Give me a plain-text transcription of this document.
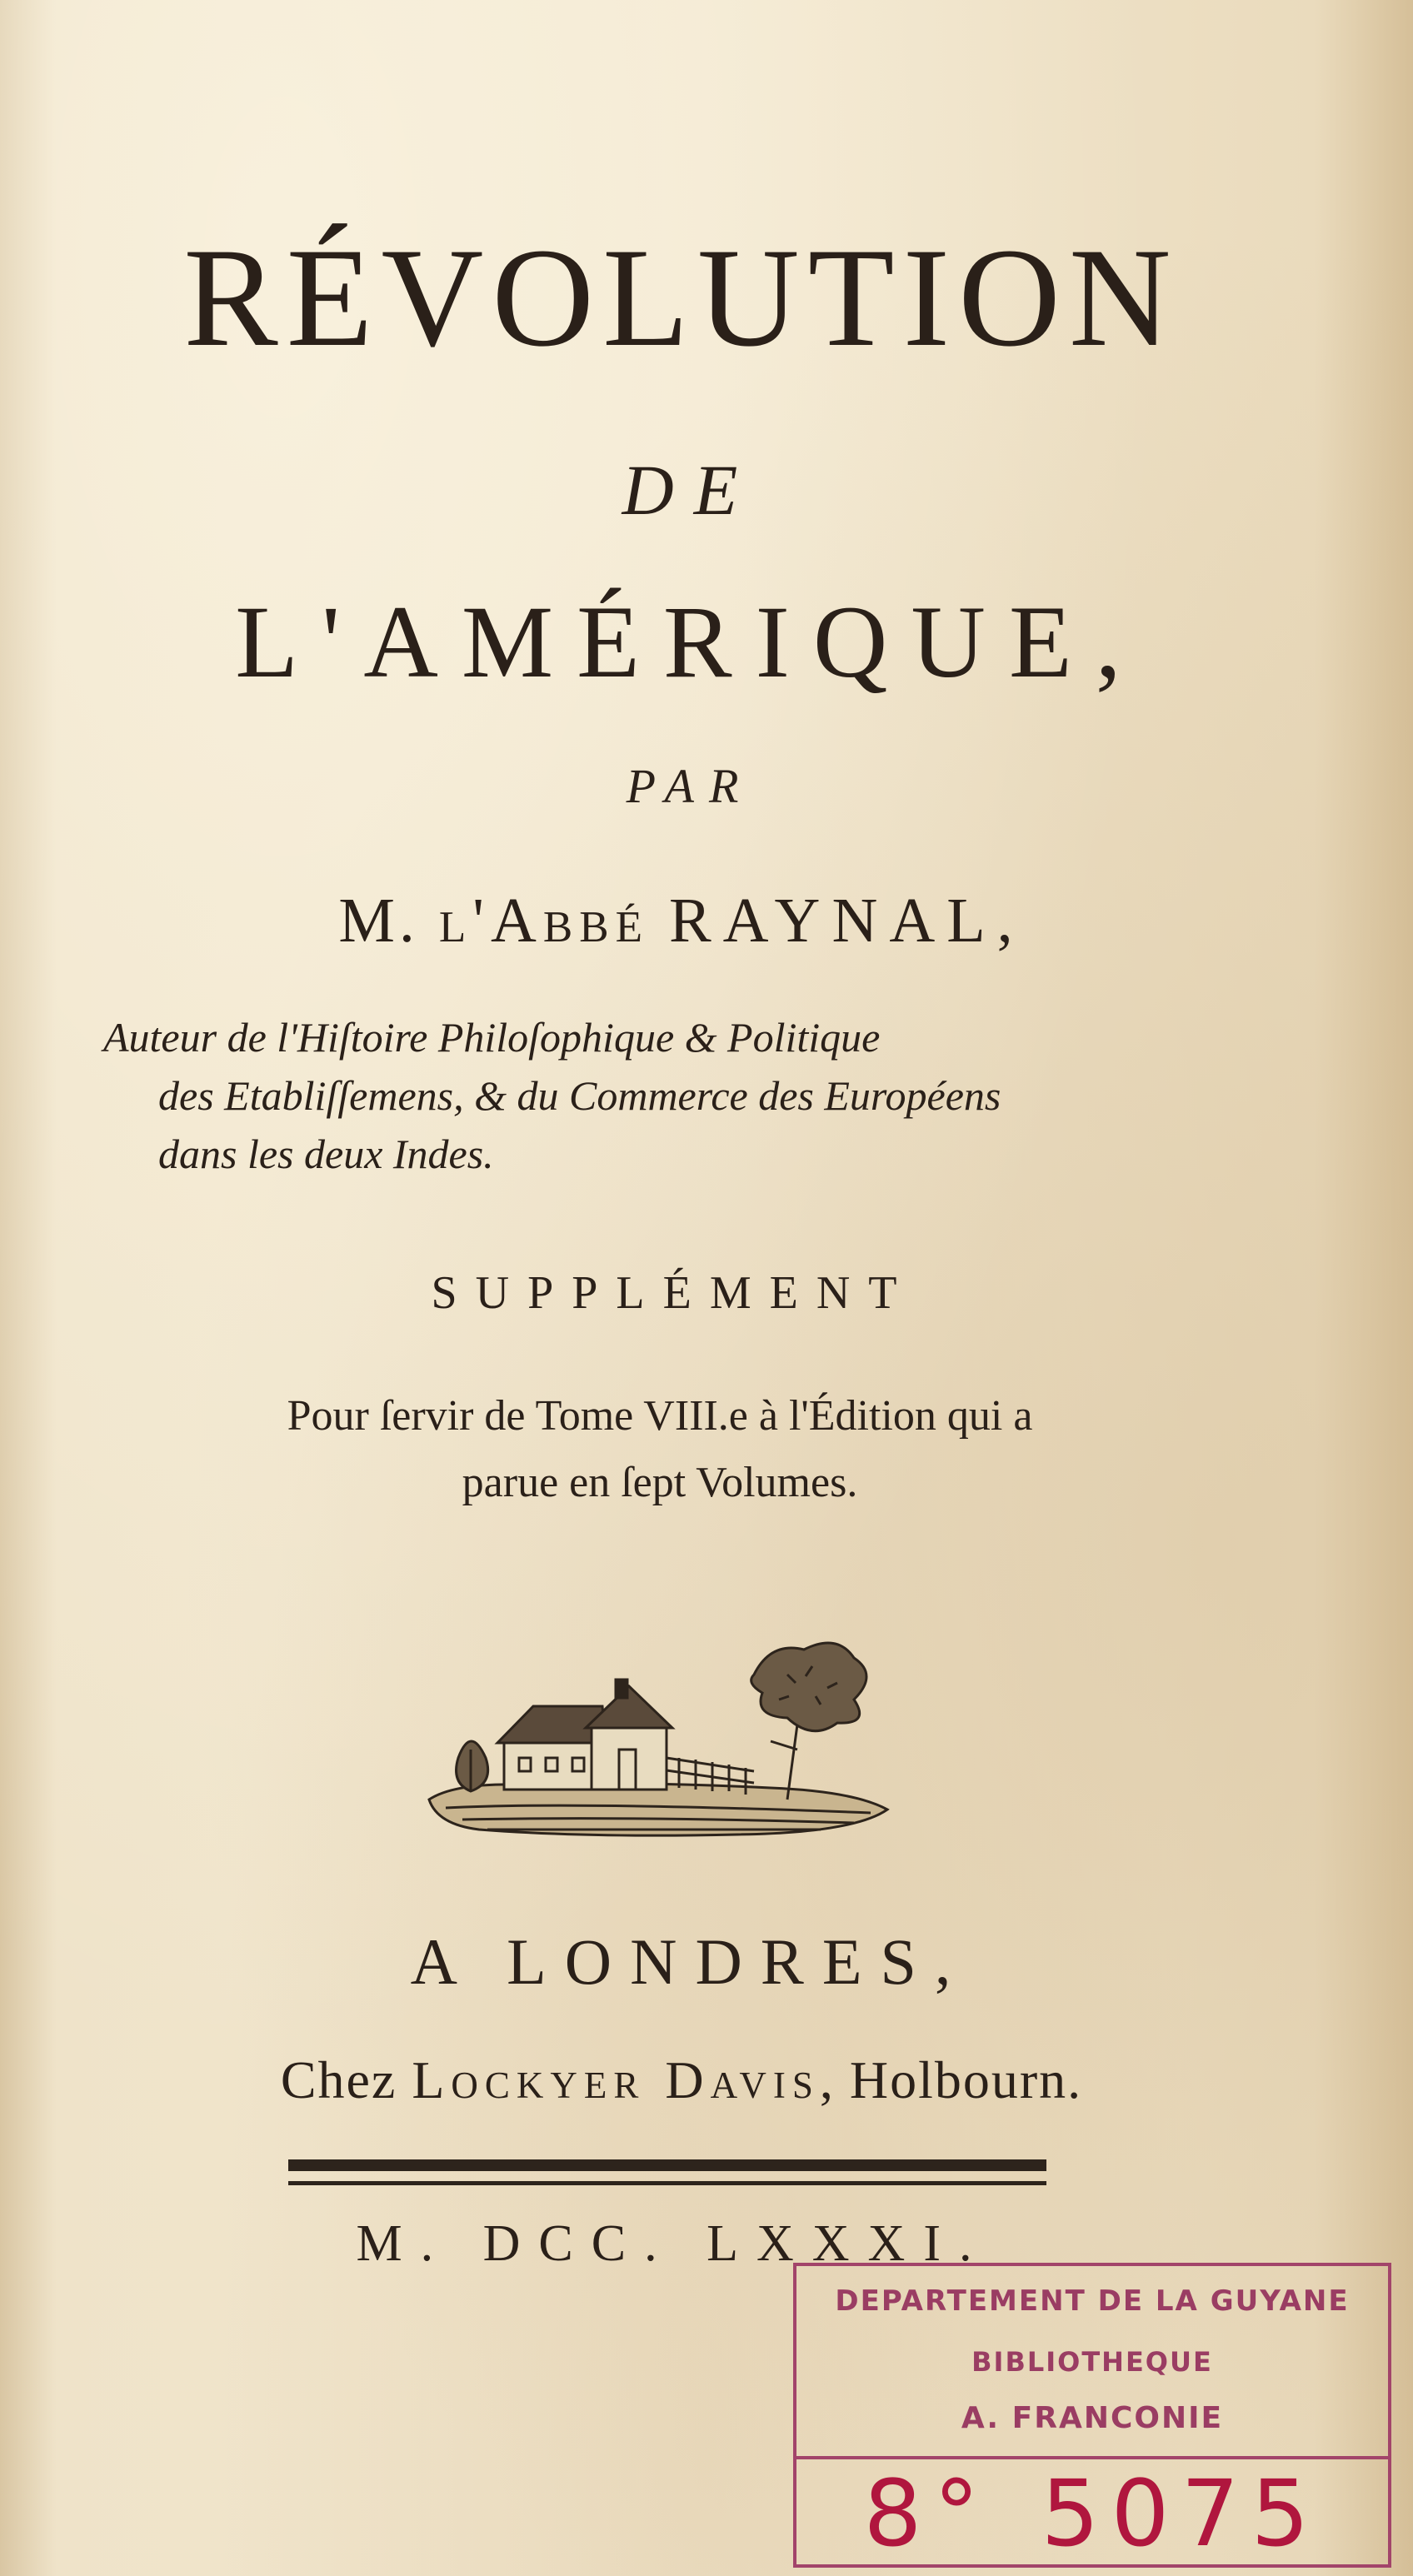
RÉVOLUTION
DE
L'AMÉRIQUE,
PAR
M. l'Abbé RAYNAL,
Auteur de l'Hiſtoire Philoſophique & Politique
des Etabliſſemens, & du Commerce des Européens
dans les deux Indes.
SUPPLÉMENT
Pour ſervir de Tome VIII.e à l'Édition qui a
parue en ſept Volumes.
A LONDRES,
Chez Lockyer Davis, Holbourn.
M. DCC. LXXXI.
DEPARTEMENT DE LA GUYANE
BIBLIOTHEQUE
A. FRANCONIE
8° 5075
